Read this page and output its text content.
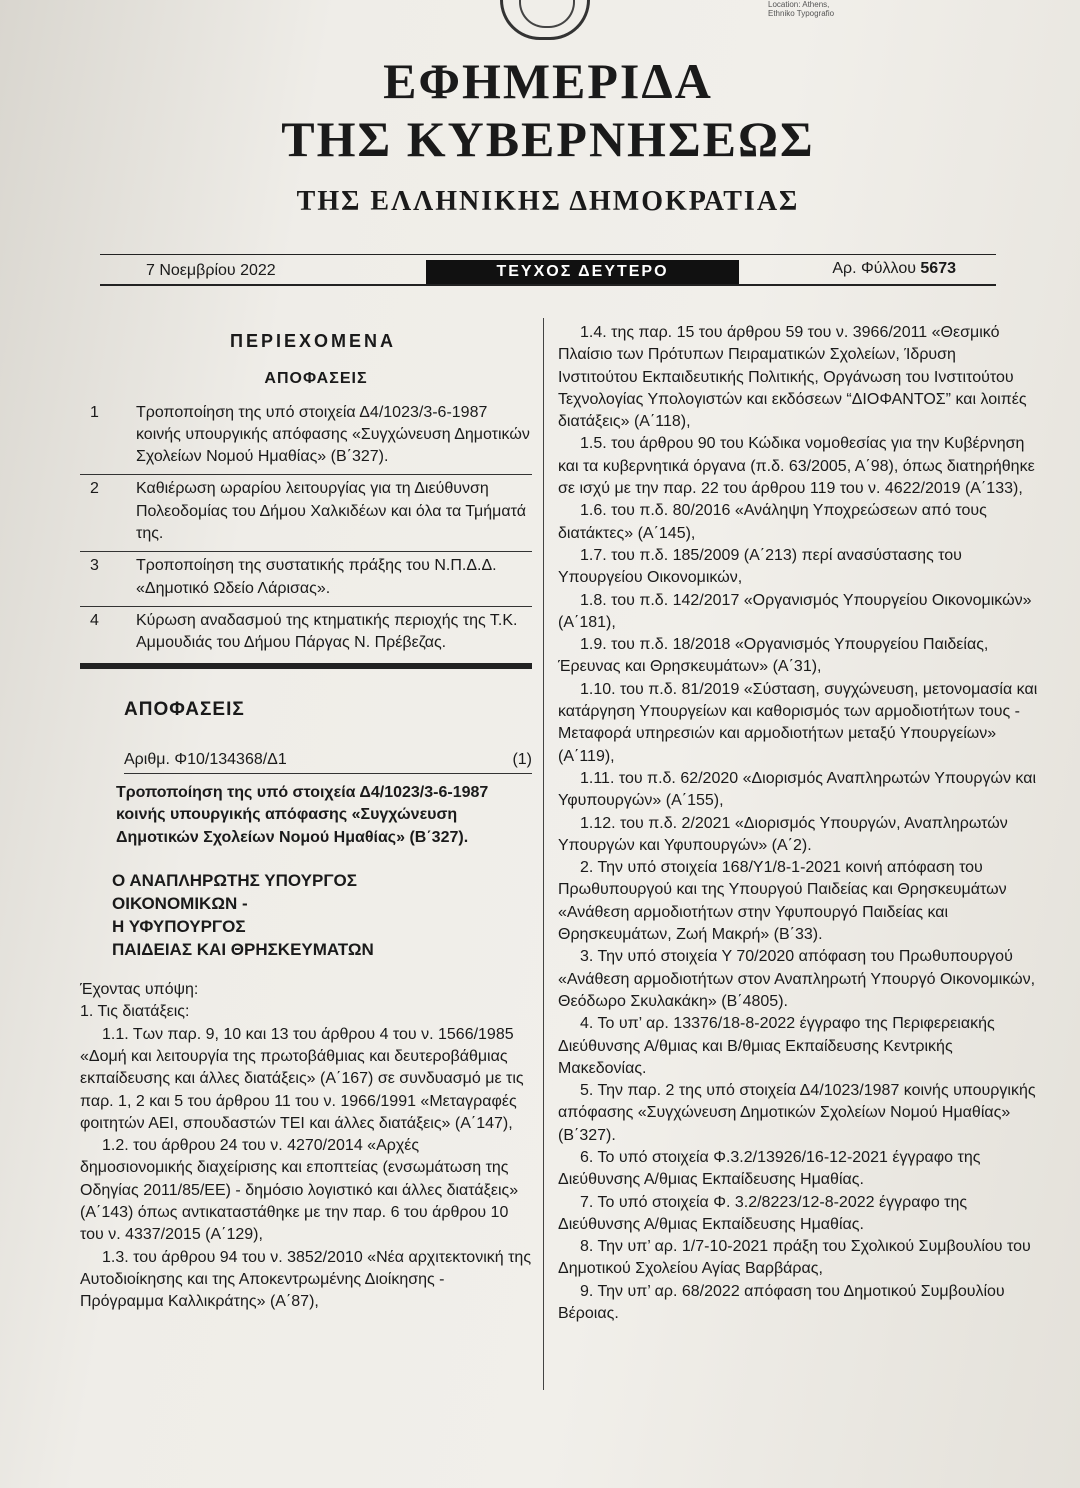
Location: Athens, Ethniko Typografio
ΕΦΗΜΕΡΙΔΑ
ΤΗΣ ΚΥΒΕΡΝΗΣΕΩΣ
ΤΗΣ ΕΛΛΗΝΙΚΗΣ ΔΗΜΟΚΡΑΤΙΑΣ
7 Νοεμβρίου 2022	ΤΕΥΧΟΣ ΔΕΥΤΕΡΟ	Αρ. Φύλλου 5673
ΠΕΡΙΕΧΟΜΕΝΑ
ΑΠΟΦΑΣΕΙΣ
1	Τροποποίηση της υπό στοιχεία Δ4/1023/3-6-1987 κοινής υπουργικής απόφασης «Συγχώνευση Δημοτικών Σχολείων Νομού Ημαθίας» (Β΄327).
2	Καθιέρωση ωραρίου λειτουργίας για τη Διεύθυνση Πολεοδομίας του Δήμου Χαλκιδέων και όλα τα Τμήματά της.
3	Τροποποίηση της συστατικής πράξης του Ν.Π.Δ.Δ. «Δημοτικό Ωδείο Λάρισας».
4	Κύρωση αναδασμού της κτηματικής περιοχής της Τ.Κ. Αμμουδιάς του Δήμου Πάργας Ν. Πρέβεζας.
ΑΠΟΦΑΣΕΙΣ
Αριθμ. Φ10/134368/Δ1	(1)
Τροποποίηση της υπό στοιχεία Δ4/1023/3-6-1987 κοινής υπουργικής απόφασης «Συγχώνευση Δημοτικών Σχολείων Νομού Ημαθίας» (Β΄327).
Ο ΑΝΑΠΛΗΡΩΤΗΣ ΥΠΟΥΡΓΟΣ
ΟΙΚΟΝΟΜΙΚΩΝ -
Η ΥΦΥΠΟΥΡΓΟΣ
ΠΑΙΔΕΙΑΣ ΚΑΙ ΘΡΗΣΚΕΥΜΑΤΩΝ

Έχοντας υπόψη:

1. Τις διατάξεις:

1.1. Των παρ. 9, 10 και 13 του άρθρου 4 του ν. 1566/1985 «Δομή και λειτουργία της πρωτοβάθμιας και δευτεροβάθμιας εκπαίδευσης και άλλες διατάξεις» (Α΄167) σε συνδυασμό με τις παρ. 1, 2 και 5 του άρθρου 11 του ν. 1966/1991 «Μεταγραφές φοιτητών ΑΕΙ, σπουδαστών ΤΕΙ και άλλες διατάξεις» (Α΄147),

1.2. του άρθρου 24 του ν. 4270/2014 «Αρχές δημοσιονομικής διαχείρισης και εποπτείας (ενσωμάτωση της Οδηγίας 2011/85/ΕΕ) - δημόσιο λογιστικό και άλλες διατάξεις» (Α΄143) όπως αντικαταστάθηκε με την παρ. 6 του άρθρου 10 του ν. 4337/2015 (Α΄129),

1.3. του άρθρου 94 του ν. 3852/2010 «Νέα αρχιτεκτονική της Αυτοδιοίκησης και της Αποκεντρωμένης Διοίκησης - Πρόγραμμα Καλλικράτης» (Α΄87),

1.4. της παρ. 15 του άρθρου 59 του ν. 3966/2011 «Θεσμικό Πλαίσιο των Πρότυπων Πειραματικών Σχολείων, Ίδρυση Ινστιτούτου Εκπαιδευτικής Πολιτικής, Οργάνωση του Ινστιτούτου Τεχνολογίας Υπολογιστών και εκδόσεων “ΔΙΟΦΑΝΤΟΣ” και λοιπές διατάξεις» (Α΄118),

1.5. του άρθρου 90 του Κώδικα νομοθεσίας για την Κυβέρνηση και τα κυβερνητικά όργανα (π.δ. 63/2005, Α΄98), όπως διατηρήθηκε σε ισχύ με την παρ. 22 του άρθρου 119 του ν. 4622/2019 (Α΄133),

1.6. του π.δ. 80/2016 «Ανάληψη Υποχρεώσεων από τους διατάκτες» (Α΄145),

1.7. του π.δ. 185/2009 (Α΄213) περί ανασύστασης του Υπουργείου Οικονομικών,

1.8. του π.δ. 142/2017 «Οργανισμός Υπουργείου Οικονομικών» (Α΄181),

1.9. του π.δ. 18/2018 «Οργανισμός Υπουργείου Παιδείας, Έρευνας και Θρησκευμάτων» (Α΄31),

1.10. του π.δ. 81/2019 «Σύσταση, συγχώνευση, μετονομασία και κατάργηση Υπουργείων και καθορισμός των αρμοδιοτήτων τους - Μεταφορά υπηρεσιών και αρμοδιοτήτων μεταξύ Υπουργείων» (Α΄119),

1.11. του π.δ. 62/2020 «Διορισμός Αναπληρωτών Υπουργών και Υφυπουργών» (Α΄155),

1.12. του π.δ. 2/2021 «Διορισμός Υπουργών, Αναπληρωτών Υπουργών και Υφυπουργών» (Α΄2).

2. Την υπό στοιχεία 168/Υ1/8-1-2021 κοινή απόφαση του Πρωθυπουργού και της Υπουργού Παιδείας και Θρησκευμάτων «Ανάθεση αρμοδιοτήτων στην Υφυπουργό Παιδείας και Θρησκευμάτων, Ζωή Μακρή» (Β΄33).

3. Την υπό στοιχεία Υ 70/2020 απόφαση του Πρωθυπουργού «Ανάθεση αρμοδιοτήτων στον Αναπληρωτή Υπουργό Οικονομικών, Θεόδωρο Σκυλακάκη» (Β΄4805).

4. Το υπ’ αρ. 13376/18-8-2022 έγγραφο της Περιφερειακής Διεύθυνσης Α/θμιας και Β/θμιας Εκπαίδευσης Κεντρικής Μακεδονίας.

5. Την παρ. 2 της υπό στοιχεία Δ4/1023/1987 κοινής υπουργικής απόφασης «Συγχώνευση Δημοτικών Σχολείων Νομού Ημαθίας» (Β΄327).

6. Το υπό στοιχεία Φ.3.2/13926/16-12-2021 έγγραφο της Διεύθυνσης Α/θμιας Εκπαίδευσης Ημαθίας.

7. Το υπό στοιχεία Φ. 3.2/8223/12-8-2022 έγγραφο της Διεύθυνσης Α/θμιας Εκπαίδευσης Ημαθίας.

8. Την υπ’ αρ. 1/7-10-2021 πράξη του Σχολικού Συμβουλίου του Δημοτικού Σχολείου Αγίας Βαρβάρας,

9. Την υπ’ αρ. 68/2022 απόφαση του Δημοτικού Συμβουλίου Βέροιας.
